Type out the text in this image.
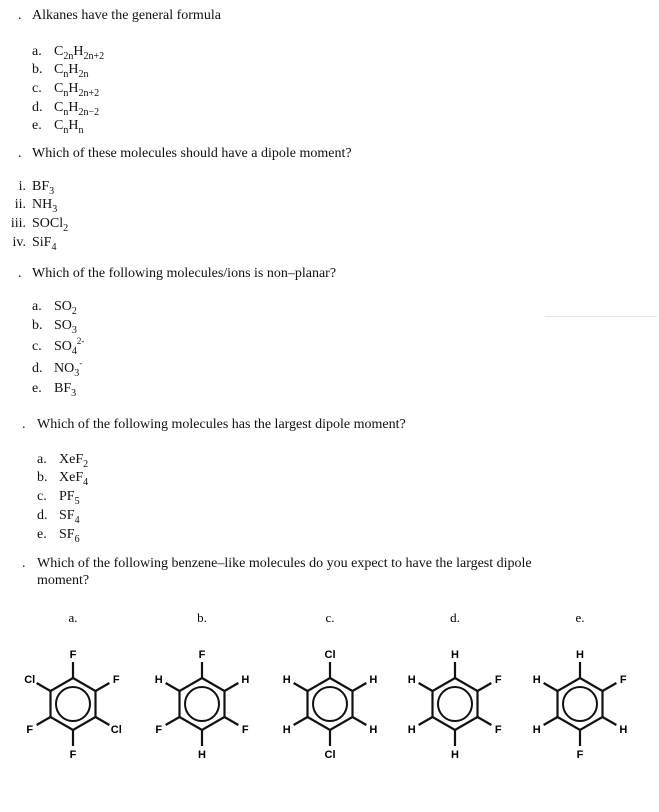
. Alkanes have the general formula
. Which of these molecules should have a dipole moment?
. Which of the following molecules/ions is non–planar?
. Which of the following molecules has the largest dipole moment?
. Which of the following benzene–like molecules do you expect to have the largest dipole
moment?
a. $C_{2n}H_{2n+2}$
b. $C_nH_{2n}$
c. $C_nH_{2n+2}$
d. $C_nH_{2n-2}$
e. $C_nH_n$
i. $BF_3$
ii. $NH_3$
iii. SOCl$_2$
iv. SiF$_4$
a. $SO_2$
b. $SO_3$
c. $SO_4^{2-}$
d. $NO_3^-$
e. $BF_3$
a. XeF$_2$
b. XeF$_4$
c. $PF_5$
d. $SF_4$
e. $SF_6$
a.
F
F
Cl
F
F
Cl
b.
F
H
F
H
F
H
c.
Cl
H
H
Cl
H
H
d.
H
F
F
H
H
H
e.
H
F
H
F
H
H
